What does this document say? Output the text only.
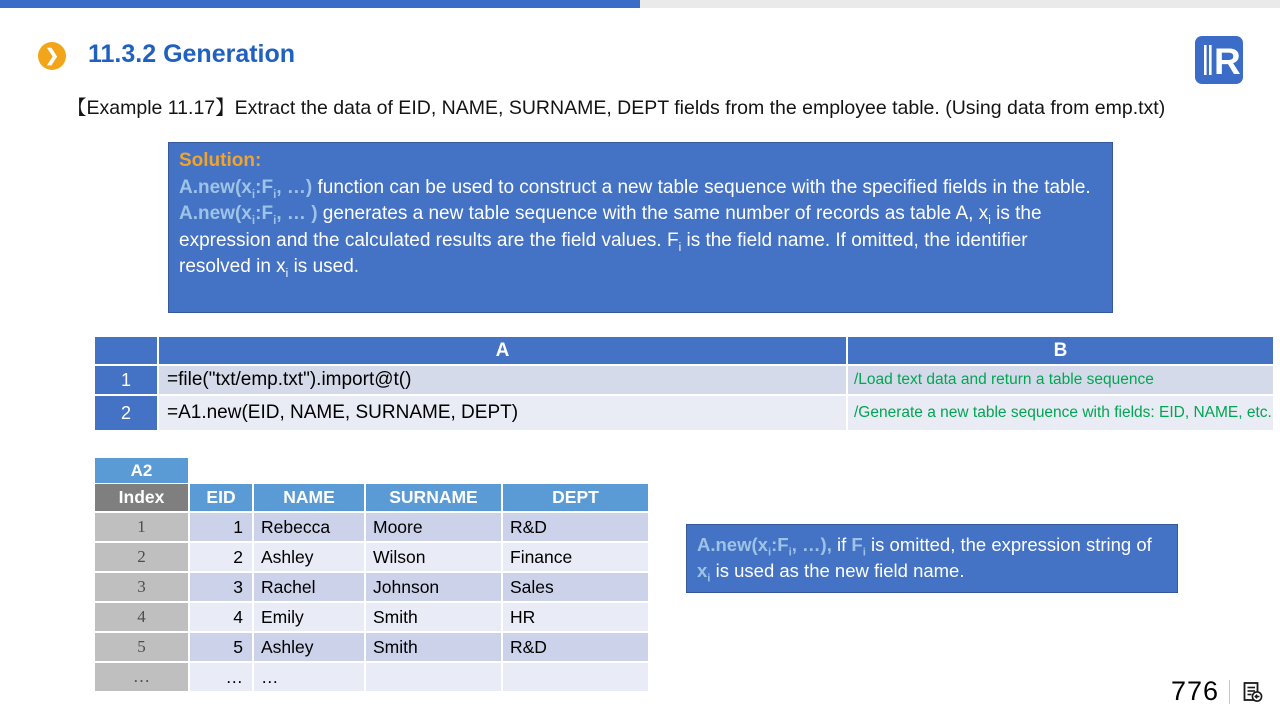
R
❯ 11.3.2 Generation
【Example 11.17】Extract the data of EID, NAME, SURNAME, DEPT fields from the employee table. (Using data from emp.txt)

Solution:

$A.new(x_i:F_i$, …) function can be used to construct a new table sequence with the specified fields in the table.

$A.new(x_i:F_i$, … ) generates a new table sequence with the same number of records as table A, $x_i$ is the expression and the calculated results are the field values. $F_i$ is the field name. If omitted, the identifier resolved in $x_i$ is used.

	A	B
1	=file("txt/emp.txt").import@t()	/Load text data and return a table sequence
2	=A1.new(EID, NAME, SURNAME, DEPT)	/Generate a new table sequence with fields: EID, NAME, etc.
A2
Index	EID	NAME	SURNAME	DEPT
1	1	Rebecca	Moore	R&D
2	2	Ashley	Wilson	Finance
3	3	Rachel	Johnson	Sales
4	4	Emily	Smith	HR
5	5	Ashley	Smith	R&D
…	…	…		
$A.new(x_i:F_i$, …), if $F_i$ is omitted, the expression string of $x_i$ is used as the new field name.
776
